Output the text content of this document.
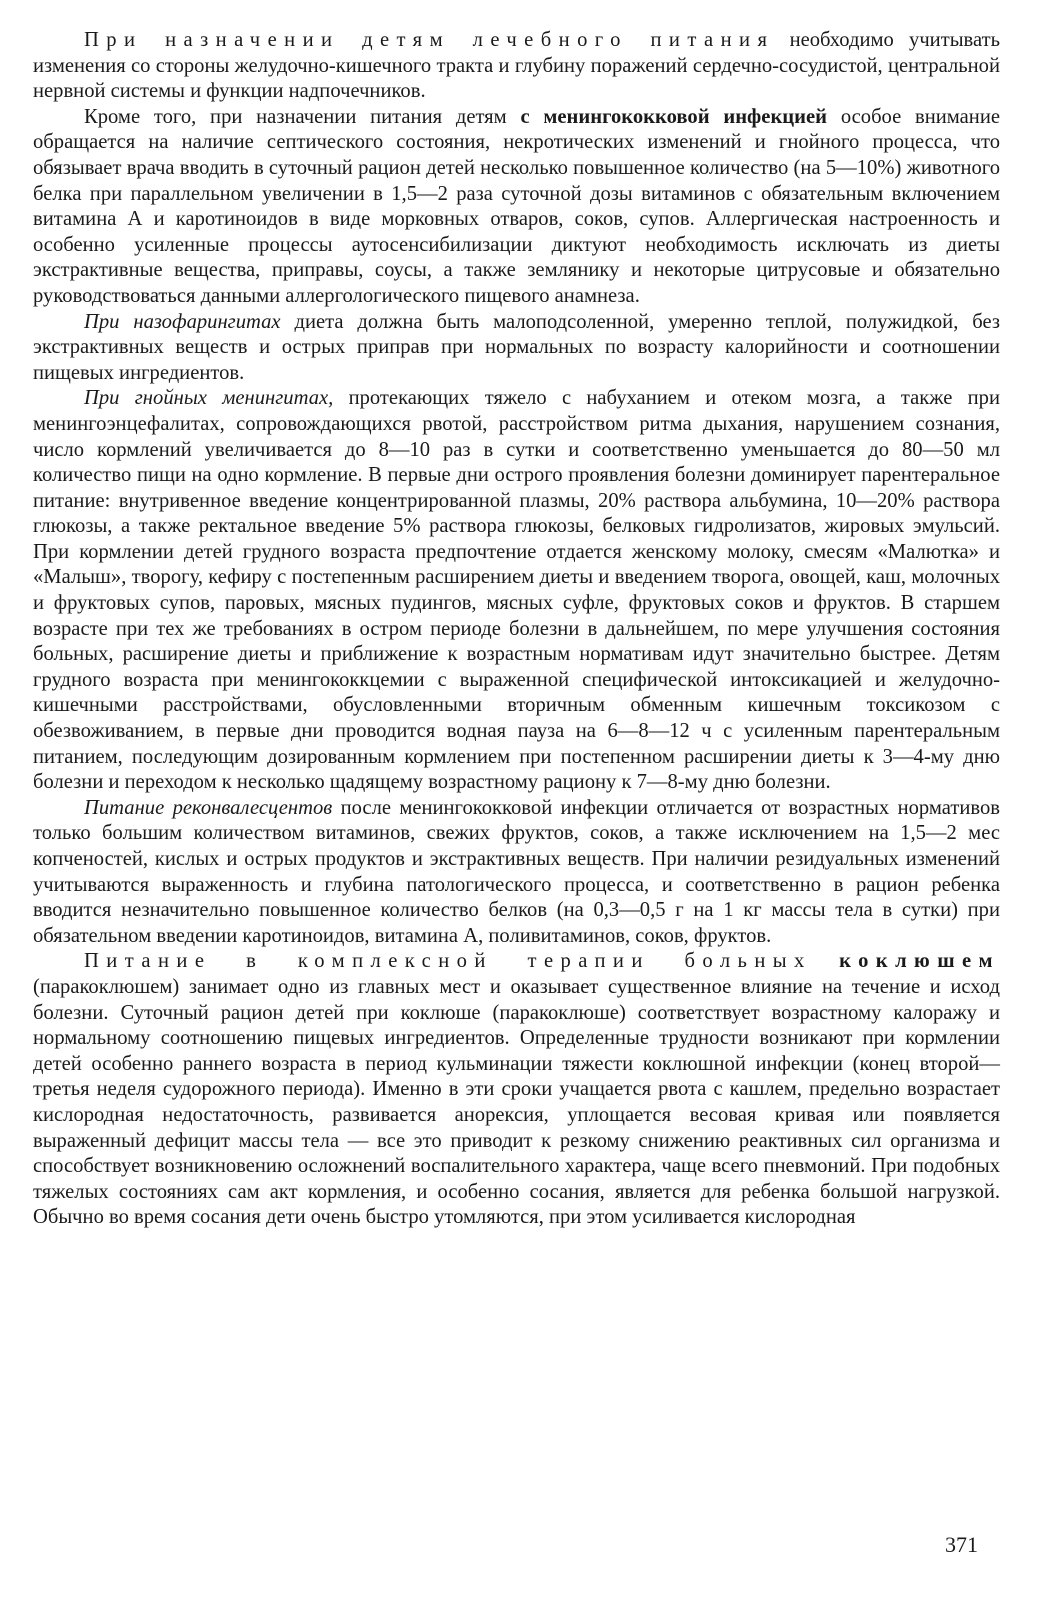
При назначении детям лечебного питания необходимо учитывать изменения со стороны желудочно-кишечного тракта и глубину поражений сердечно-сосудистой, центральной нервной системы и функции надпочечников.

Кроме того, при назначении питания детям с менингококковой инфекцией особое внимание обращается на наличие септического состояния, некротических изменений и гнойного процесса, что обязывает врача вводить в суточный рацион детей несколько повышенное количество (на 5—10%) животного белка при параллельном увеличении в 1,5—2 раза суточной дозы витаминов с обязательным включением витамина А и каротиноидов в виде морковных отваров, соков, супов. Аллергическая настроенность и особенно усиленные процессы аутосенсибилизации диктуют необходимость исключать из диеты экстрактивные вещества, приправы, соусы, а также землянику и некоторые цитрусовые и обязательно руководствоваться данными аллергологического пищевого анамнеза.

При назофарингитах диета должна быть малоподсоленной, умеренно теплой, полужидкой, без экстрактивных веществ и острых приправ при нормальных по возрасту калорийности и соотношении пищевых ингредиентов.

При гнойных менингитах, протекающих тяжело с набуханием и отеком мозга, а также при менингоэнцефалитах, сопровождающихся рвотой, расстройством ритма дыхания, нарушением сознания, число кормлений увеличивается до 8—10 раз в сутки и соответственно уменьшается до 80—50 мл количество пищи на одно кормление. В первые дни острого проявления болезни доминирует парентеральное питание: внутривенное введение концентрированной плазмы, 20% раствора альбумина, 10—20% раствора глюкозы, а также ректальное введение 5% раствора глюкозы, белковых гидролизатов, жировых эмульсий. При кормлении детей грудного возраста предпочтение отдается женскому молоку, смесям «Малютка» и «Малыш», творогу, кефиру с постепенным расширением диеты и введением творога, овощей, каш, молочных и фруктовых супов, паровых, мясных пудингов, мясных суфле, фруктовых соков и фруктов. В старшем возрасте при тех же требованиях в остром периоде болезни в дальнейшем, по мере улучшения состояния больных, расширение диеты и приближение к возрастным нормативам идут значительно быстрее. Детям грудного возраста при менингококкцемии с выраженной специфической интоксикацией и желудочно-кишечными расстройствами, обусловленными вторичным обменным кишечным токсикозом с обезвоживанием, в первые дни проводится водная пауза на 6—8—12 ч с усиленным парентеральным питанием, последующим дозированным кормлением при постепенном расширении диеты к 3—4-му дню болезни и переходом к несколько щадящему возрастному рациону к 7—8-му дню болезни.

Питание реконвалесцентов после менингококковой инфекции отличается от возрастных нормативов только большим количеством витаминов, свежих фруктов, соков, а также исключением на 1,5—2 мес копченостей, кислых и острых продуктов и экстрактивных веществ. При наличии резидуальных изменений учитываются выраженность и глубина патологического процесса, и соответственно в рацион ребенка вводится незначительно повышенное количество белков (на 0,3—0,5 г на 1 кг массы тела в сутки) при обязательном введении каротиноидов, витамина А, поливитаминов, соков, фруктов.

Питание в комплексной терапии больных коклюшем (паракоклюшем) занимает одно из главных мест и оказывает существенное влияние на течение и исход болезни. Суточный рацион детей при коклюше (паракоклюше) соответствует возрастному калоражу и нормальному соотношению пищевых ингредиентов. Определенные трудности возникают при кормлении детей особенно раннего возраста в период кульминации тяжести коклюшной инфекции (конец второй— третья неделя судорожного периода). Именно в эти сроки учащается рвота с кашлем, предельно возрастает кислородная недостаточность, развивается анорексия, уплощается весовая кривая или появляется выраженный дефицит массы тела — все это приводит к резкому снижению реактивных сил организма и способствует возникновению осложнений воспалительного характера, чаще всего пневмоний. При подобных тяжелых состояниях сам акт кормления, и особенно сосания, является для ребенка большой нагрузкой. Обычно во время сосания дети очень быстро утомляются, при этом усиливается кислородная

371
